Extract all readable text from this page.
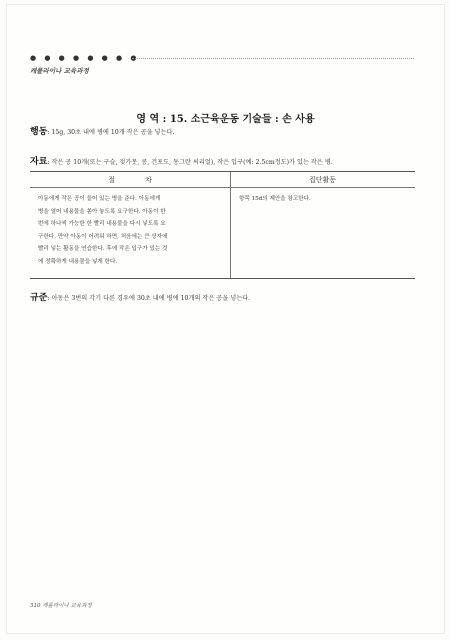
● ● ● ● ● ● ● ●
캐롤라이나 교육과정
영 역 : 15. 소근육운동 기술들 : 손 사용
행동: 15g, 30초 내에 병에 10개 작은 공을 넣는다.
자료: 작은 공 10개(또는 구슬, 젖가못, 콩, 건포도, 동그란 씨리얼), 작은 입구(예: 2.5cm정도)가 있는 작은 병.
절 차	집단활동
아동에게 작은 공이 들어 있는 병을 준다. 아동에게
병을 열어 내용물을 쏟아 놓도록 요구한다. 아동이 한
번에 하나씩 가능한 한 빨리 내용물을 다시 넣도록 요
구한다. 만약 아동이 어려워 하면, 처음에는 큰 상자에
빨리 넣는 활동을 연습한다. 후에 작은 입구가 있는 것
에 정확하게 내용물을 넣게 한다.
항목 15d의 제안을 참고한다.
규준: 아동은 3번의 각기 다른 경우에 30초 내에 병에 10개의 작은 공을 넣는다.
310 캐롤라이나 교육과정
